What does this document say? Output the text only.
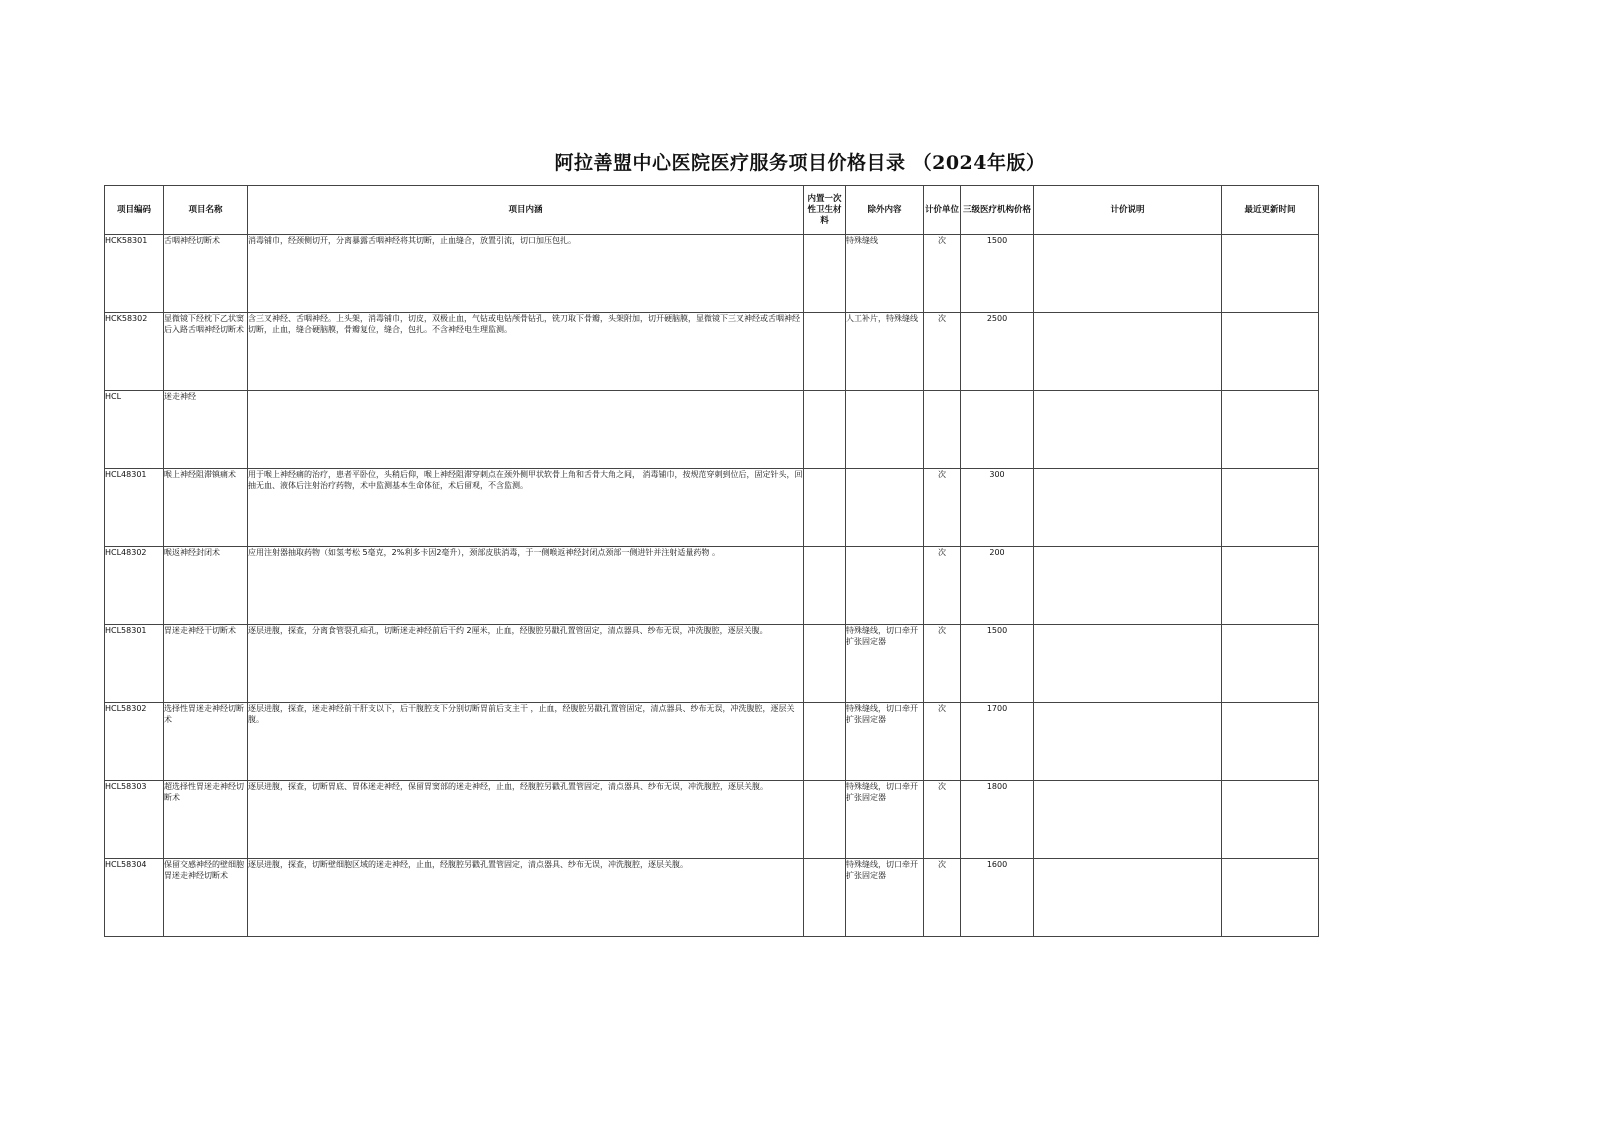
阿拉善盟中心医院医疗服务项目价格目录 （2024年版）
项目编码	项目名称	项目内涵	内置一次性卫生材料	除外内容	计价单位	三级医疗机构价格	计价说明	最近更新时间
HCK58301	舌咽神经切断术	消毒铺巾，经颈侧切开，分离暴露舌咽神经将其切断，止血缝合，放置引流，切口加压包扎。		特殊缝线	次	1500		
HCK58302	显微镜下经枕下乙状窦后入路舌咽神经切断术	含三叉神经、舌咽神经。上头架，消毒铺巾，切皮，双极止血，气钻或电钻颅骨钻孔，铣刀取下骨瓣，头架附加，切开硬脑膜，显微镜下三叉神经或舌咽神经切断，止血，缝合硬脑膜，骨瓣复位，缝合，包扎。不含神经电生理监测。		人工补片，特殊缝线	次	2500		
HCL	迷走神经							
HCL48301	喉上神经阻滞镇痛术	用于喉上神经痛的治疗，患者平卧位，头稍后仰，喉上神经阻滞穿刺点在颈外侧甲状软骨上角和舌骨大角之间， 消毒铺巾，按规范穿刺到位后，固定针头，回抽无血、液体后注射治疗药物，术中监测基本生命体征，术后留观，不含监测。			次	300		
HCL48302	喉返神经封闭术	应用注射器抽取药物（如氢考松 5毫克，2%利多卡因2毫升），颈部皮肤消毒，于一侧喉返神经封闭点颈部一侧进针并注射适量药物 。			次	200		
HCL58301	胃迷走神经干切断术	逐层进腹，探查，分离食管裂孔疝孔，切断迷走神经前后干约 2厘米，止血，经腹腔另戳孔置管固定，清点器具、纱布无误，冲洗腹腔，逐层关腹。		特殊缝线，切口牵开扩张固定器	次	1500		
HCL58302	选择性胃迷走神经切断术	逐层进腹，探查，迷走神经前干肝支以下，后干腹腔支下分别切断胃前后支主干 ，止血，经腹腔另戳孔置管固定，清点器具、纱布无误，冲洗腹腔，逐层关腹。		特殊缝线，切口牵开扩张固定器	次	1700		
HCL58303	超选择性胃迷走神经切断术	逐层进腹，探查，切断胃底、胃体迷走神经，保留胃窦部的迷走神经，止血，经腹腔另戳孔置管固定，清点器具、纱布无误，冲洗腹腔，逐层关腹。		特殊缝线，切口牵开扩张固定器	次	1800		
HCL58304	保留交感神经的壁细胞胃迷走神经切断术	逐层进腹，探查，切断壁细胞区域的迷走神经，止血，经腹腔另戳孔置管固定，清点器具、纱布无误，冲洗腹腔，逐层关腹。		特殊缝线，切口牵开扩张固定器	次	1600		
